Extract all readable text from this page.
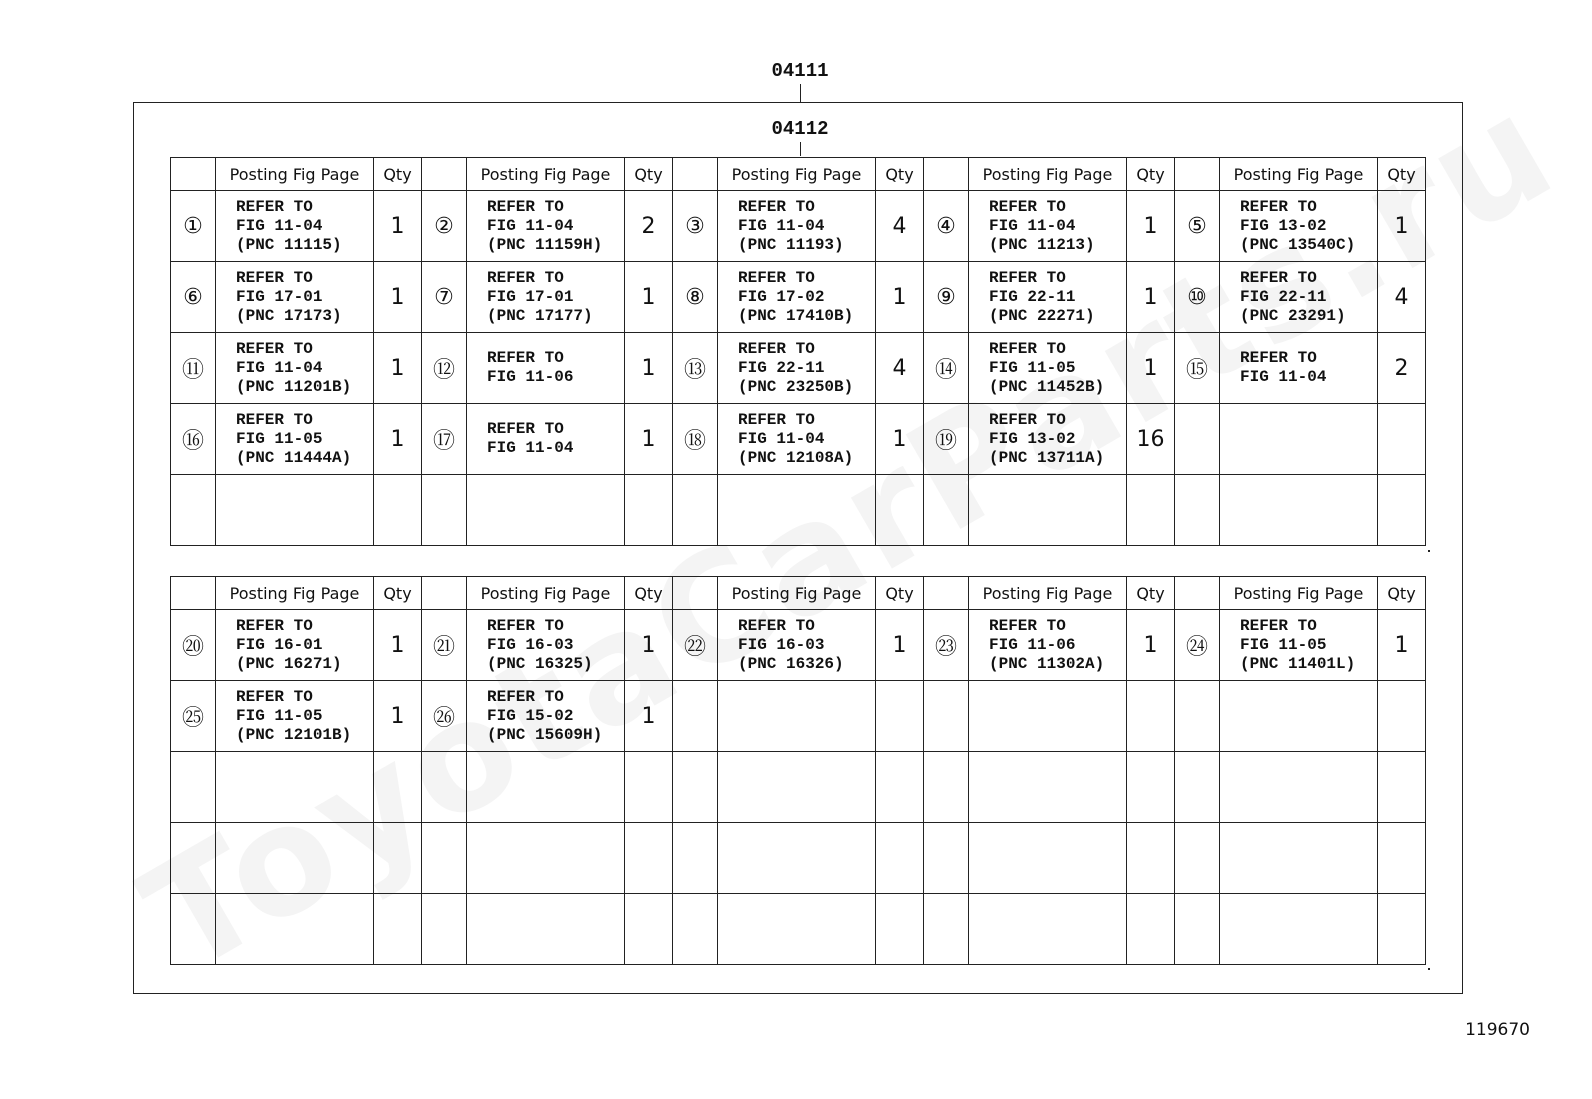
04111
04112
	Posting Fig Page	Qty		Posting Fig Page	Qty		Posting Fig Page	Qty		Posting Fig Page	Qty		Posting Fig Page	Qty
①	REFER TO
FIG 11-04
(PNC 11115)	1	②	REFER TO
FIG 11-04
(PNC 11159H)	2	③	REFER TO
FIG 11-04
(PNC 11193)	4	④	REFER TO
FIG 11-04
(PNC 11213)	1	⑤	REFER TO
FIG 13-02
(PNC 13540C)	1
⑥	REFER TO
FIG 17-01
(PNC 17173)	1	⑦	REFER TO
FIG 17-01
(PNC 17177)	1	⑧	REFER TO
FIG 17-02
(PNC 17410B)	1	⑨	REFER TO
FIG 22-11
(PNC 22271)	1	⑩	REFER TO
FIG 22-11
(PNC 23291)	4
⑪	REFER TO
FIG 11-04
(PNC 11201B)	1	⑫	REFER TO
FIG 11-06	1	⑬	REFER TO
FIG 22-11
(PNC 23250B)	4	⑭	REFER TO
FIG 11-05
(PNC 11452B)	1	⑮	REFER TO
FIG 11-04	2
⑯	REFER TO
FIG 11-05
(PNC 11444A)	1	⑰	REFER TO
FIG 11-04	1	⑱	REFER TO
FIG 11-04
(PNC 12108A)	1	⑲	REFER TO
FIG 13-02
(PNC 13711A)	16			

	Posting Fig Page	Qty		Posting Fig Page	Qty		Posting Fig Page	Qty		Posting Fig Page	Qty		Posting Fig Page	Qty
⑳	REFER TO
FIG 16-01
(PNC 16271)	1	㉑	REFER TO
FIG 16-03
(PNC 16325)	1	㉒	REFER TO
FIG 16-03
(PNC 16326)	1	㉓	REFER TO
FIG 11-06
(PNC 11302A)	1	㉔	REFER TO
FIG 11-05
(PNC 11401L)	1
㉕	REFER TO
FIG 11-05
(PNC 12101B)	1	㉖	REFER TO
FIG 15-02
(PNC 15609H)	1									

119670
